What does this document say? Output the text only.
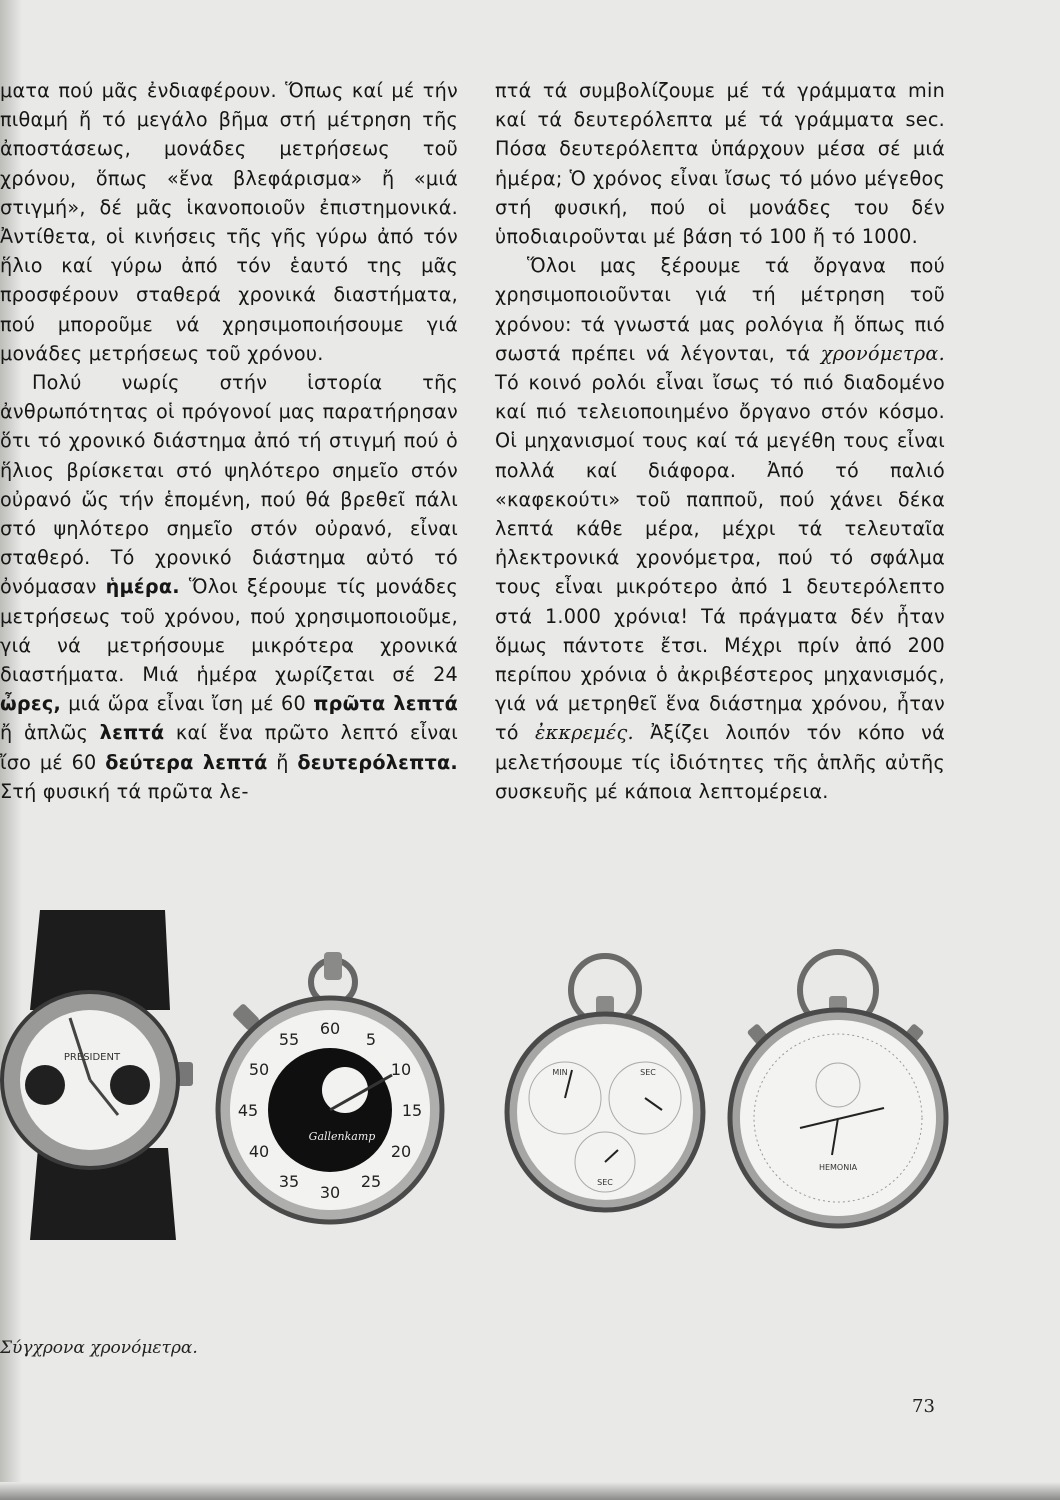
ματα πού μᾶς ἐνδιαφέρουν. Ὅπως καί μέ τήν πιθαμή ἤ τό μεγάλο βῆμα στή μέτρηση τῆς ἀποστάσεως, μονάδες μετρήσεως τοῦ χρόνου, ὅπως «ἕνα βλεφάρισμα» ἤ «μιά στιγμή», δέ μᾶς ἱκανοποιοῦν ἐπιστημονικά. Ἀντίθετα, οἱ κινήσεις τῆς γῆς γύρω ἀπό τόν ἥλιο καί γύρω ἀπό τόν ἑαυτό της μᾶς προσφέρουν σταθερά χρονικά διαστήματα, πού μποροῦμε νά χρησιμοποιήσουμε γιά μονάδες μετρήσεως τοῦ χρόνου.

Πολύ νωρίς στήν ἱστορία τῆς ἀνθρωπότητας οἱ πρόγονοί μας παρατήρησαν ὅτι τό χρονικό διάστημα ἀπό τή στιγμή πού ὁ ἥλιος βρίσκεται στό ψηλότερο σημεῖο στόν οὐρανό ὥς τήν ἑπομένη, πού θά βρεθεῖ πάλι στό ψηλότερο σημεῖο στόν οὐρανό, εἶναι σταθερό. Τό χρονικό διάστημα αὐτό τό ὀνόμασαν ἡμέρα. Ὅλοι ξέρουμε τίς μονάδες μετρήσεως τοῦ χρόνου, πού χρησιμοποιοῦμε, γιά νά μετρήσουμε μικρότερα χρονικά διαστήματα. Μιά ἡμέρα χωρίζεται σέ 24 ὦρες, μιά ὥρα εἶναι ἴση μέ 60 πρῶτα λεπτά ἤ ἁπλῶς λεπτά καί ἕνα πρῶτο λεπτό εἶναι ἴσο μέ 60 δεύτερα λεπτά ἤ δευτερόλεπτα. Στή φυσική τά πρῶτα λε-

πτά τά συμβολίζουμε μέ τά γράμματα min καί τά δευτερόλεπτα μέ τά γράμματα sec. Πόσα δευτερόλεπτα ὑπάρχουν μέσα σέ μιά ἡμέρα; Ὁ χρόνος εἶναι ἴσως τό μόνο μέγεθος στή φυσική, πού οἱ μονάδες του δέν ὑποδιαιροῦνται μέ βάση τό 100 ἤ τό 1000.

Ὅλοι μας ξέρουμε τά ὄργανα πού χρησιμοποιοῦνται γιά τή μέτρηση τοῦ χρόνου: τά γνωστά μας ρολόγια ἤ ὅπως πιό σωστά πρέπει νά λέγονται, τά χρονόμετρα. Τό κοινό ρολόι εἶναι ἴσως τό πιό διαδομένο καί πιό τελειοποιημένο ὄργανο στόν κόσμο. Οἱ μηχανισμοί τους καί τά μεγέθη τους εἶναι πολλά καί διάφορα. Ἀπό τό παλιό «καφεκούτι» τοῦ παπποῦ, πού χάνει δέκα λεπτά κάθε μέρα, μέχρι τά τελευταῖα ἠλεκτρονικά χρονόμετρα, πού τό σφάλμα τους εἶναι μικρότερο ἀπό 1 δευτερόλεπτο στά 1.000 χρόνια! Τά πράγματα δέν ἦταν ὅμως πάντοτε ἔτσι. Μέχρι πρίν ἀπό 200 περίπου χρόνια ὁ ἀκριβέστερος μηχανισμός, γιά νά μετρηθεῖ ἕνα διάστημα χρόνου, ἦταν τό ἐκκρεμές. Ἀξίζει λοιπόν τόν κόπο νά μελετήσουμε τίς ἰδιότητες τῆς ἁπλῆς αὐτῆς συσκευῆς μέ κάποια λεπτομέρεια.

PRESIDENT
60
5
10
15
20
25
30
35
40
45
50
55
Gallenkamp
MIN	SEC
SEC
HEMONIA
Σύγχρονα χρονόμετρα.
73
